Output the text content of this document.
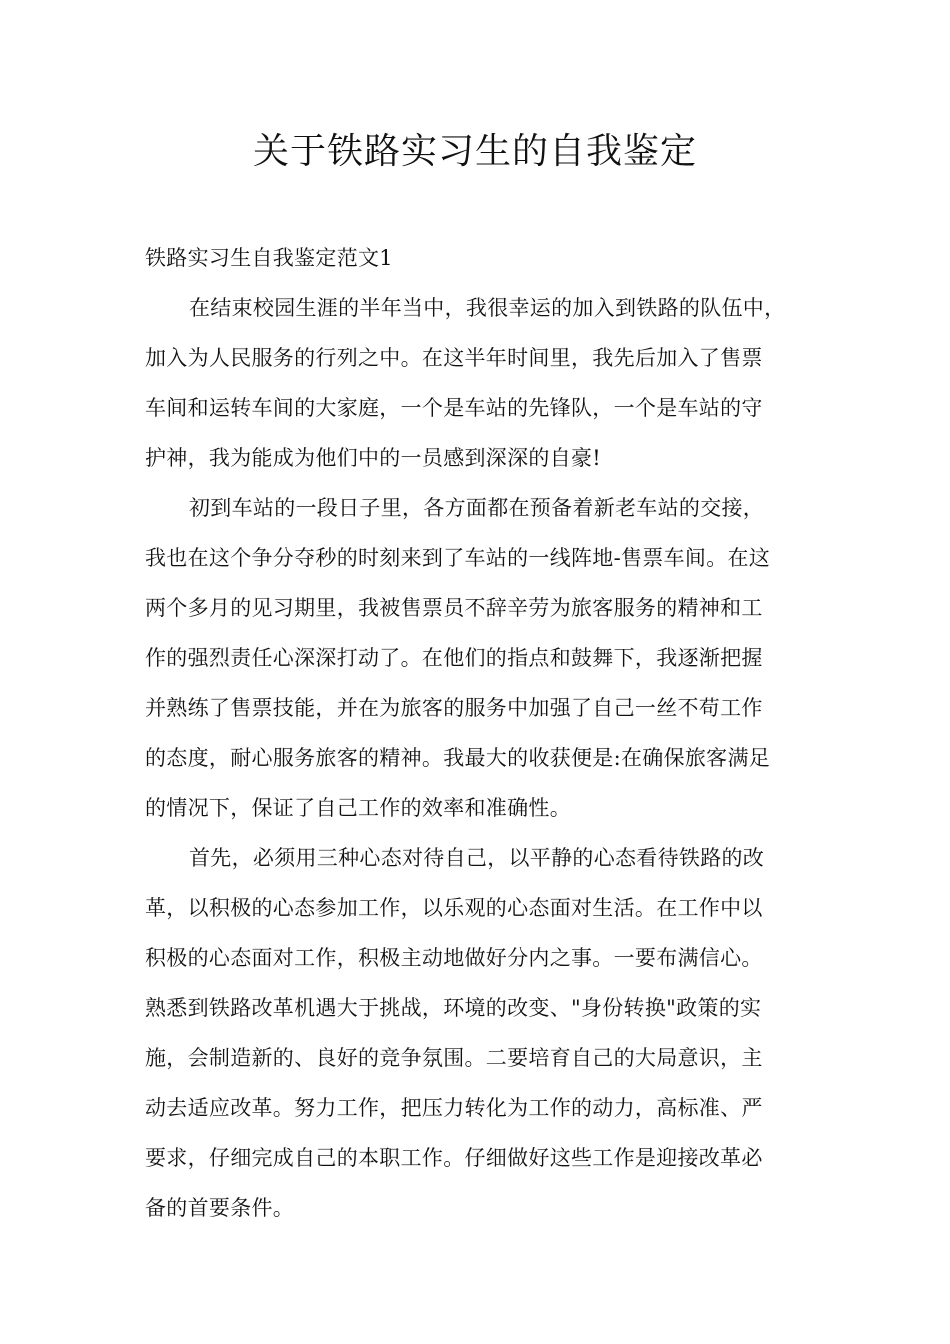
关于铁路实习生的自我鉴定
铁路实习生自我鉴定范文1
在结束校园生涯的半年当中，我很幸运的加入到铁路的队伍中，
加入为人民服务的行列之中。在这半年时间里，我先后加入了售票
车间和运转车间的大家庭，一个是车站的先锋队，一个是车站的守
护神，我为能成为他们中的一员感到深深的自豪!
初到车站的一段日子里，各方面都在预备着新老车站的交接，
我也在这个争分夺秒的时刻来到了车站的一线阵地-售票车间。在这
两个多月的见习期里，我被售票员不辞辛劳为旅客服务的精神和工
作的强烈责任心深深打动了。在他们的指点和鼓舞下，我逐渐把握
并熟练了售票技能，并在为旅客的服务中加强了自己一丝不苟工作
的态度，耐心服务旅客的精神。我最大的收获便是:在确保旅客满足
的情况下，保证了自己工作的效率和准确性。
首先，必须用三种心态对待自己，以平静的心态看待铁路的改
革，以积极的心态参加工作，以乐观的心态面对生活。在工作中以
积极的心态面对工作，积极主动地做好分内之事。一要布满信心。
熟悉到铁路改革机遇大于挑战，环境的改变、"身份转换"政策的实
施，会制造新的、良好的竞争氛围。二要培育自己的大局意识，主
动去适应改革。努力工作，把压力转化为工作的动力，高标准、严
要求，仔细完成自己的本职工作。仔细做好这些工作是迎接改革必
备的首要条件。
